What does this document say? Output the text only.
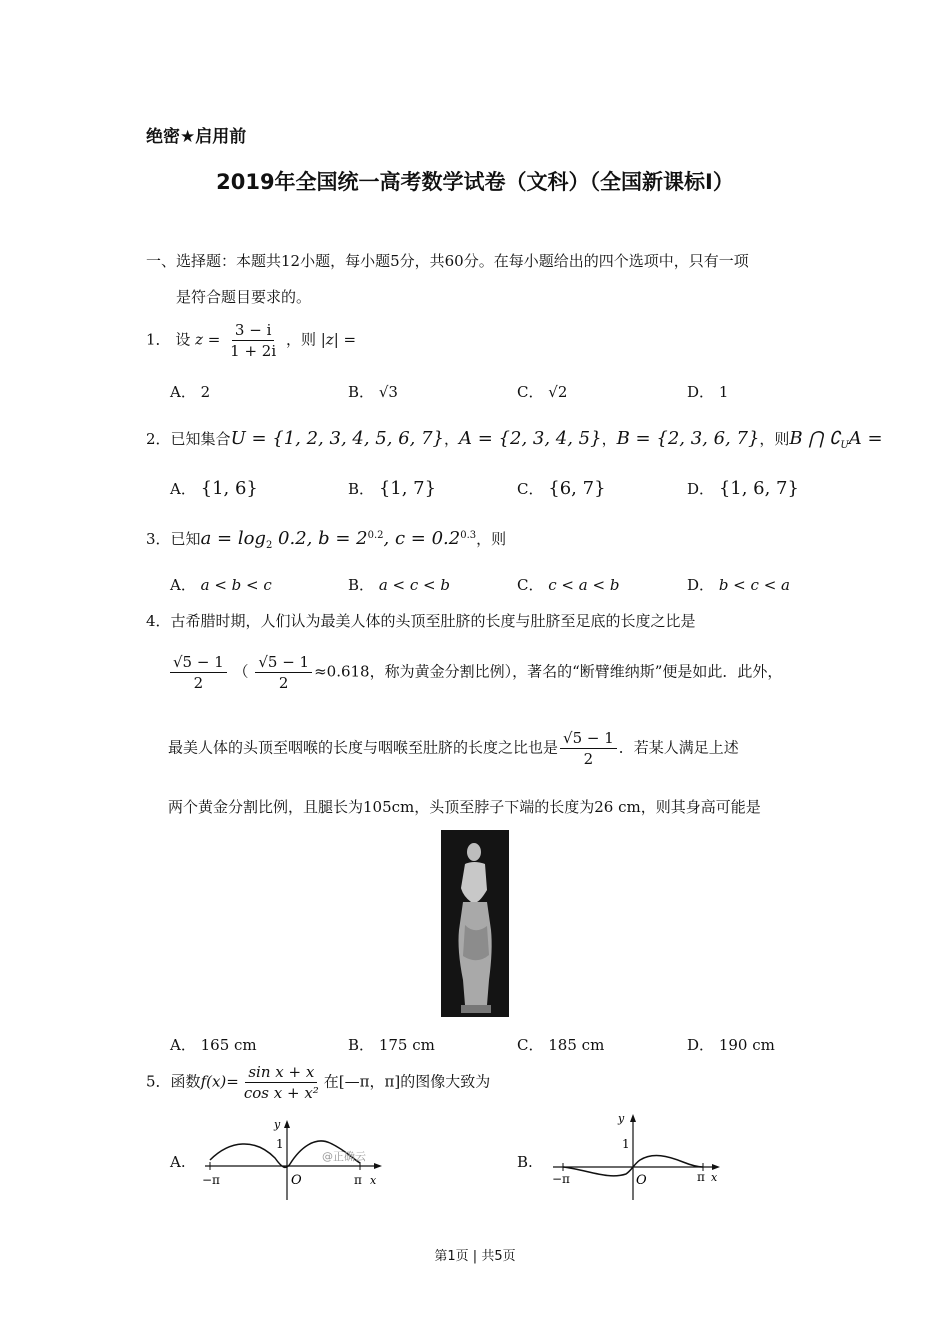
绝密★启用前
2019年全国统一高考数学试卷（文科）（全国新课标Ⅰ）
一、选择题：本题共12小题，每小题5分，共60分。在每小题给出的四个选项中，只有一项
是符合题目要求的。
1． 设 $z = \frac{3 - i}{1 + 2i}$ ，则 |z| =
A． 2	B． √3	C． √2	D． 1
2．已知集合U = {1, 2, 3, 4, 5, 6, 7}，A = {2, 3, 4, 5}，B = {2, 3, 6, 7}，则B ⋂ $∁_UA$ =
A． {1, 6}	B． {1, 7}	C． {6, 7}	D． {1, 6, 7}
3．已知$a = \log_2 0.2$, $b = 2^{0.2}$, $c = 0.2^{0.3}$，则
A． a < b < c	B． a < c < b	C． c < a < b	D． b < c < a
4．古希腊时期，人们认为最美人体的头顶至肚脐的长度与肚脐至足底的长度之比是
$\frac{√5 - 1}{2}$ （ $\frac{√5 - 1}{2} \approx 0.618$，称为黄金分割比例），著名的“断臂维纳斯”便是如此．此外，
最美人体的头顶至咽喉的长度与咽喉至肚脐的长度之比也是 $\frac{√5 - 1}{2}$ ．若某人满足上述
两个黄金分割比例，且腿长为105cm，头顶至脖子下端的长度为26 cm，则其身高可能是
A． 165 cm	B． 175 cm	C． 185 cm	D． 190 cm
5．函数$f(x)= \frac{\text{sin x + x}}{\text{cos x + x²}}$ 在[—π，π]的图像大致为
A.
y
1
O
−π	π x
@正确云	B.
y
1
O
−π	π x
第1页 | 共5页
